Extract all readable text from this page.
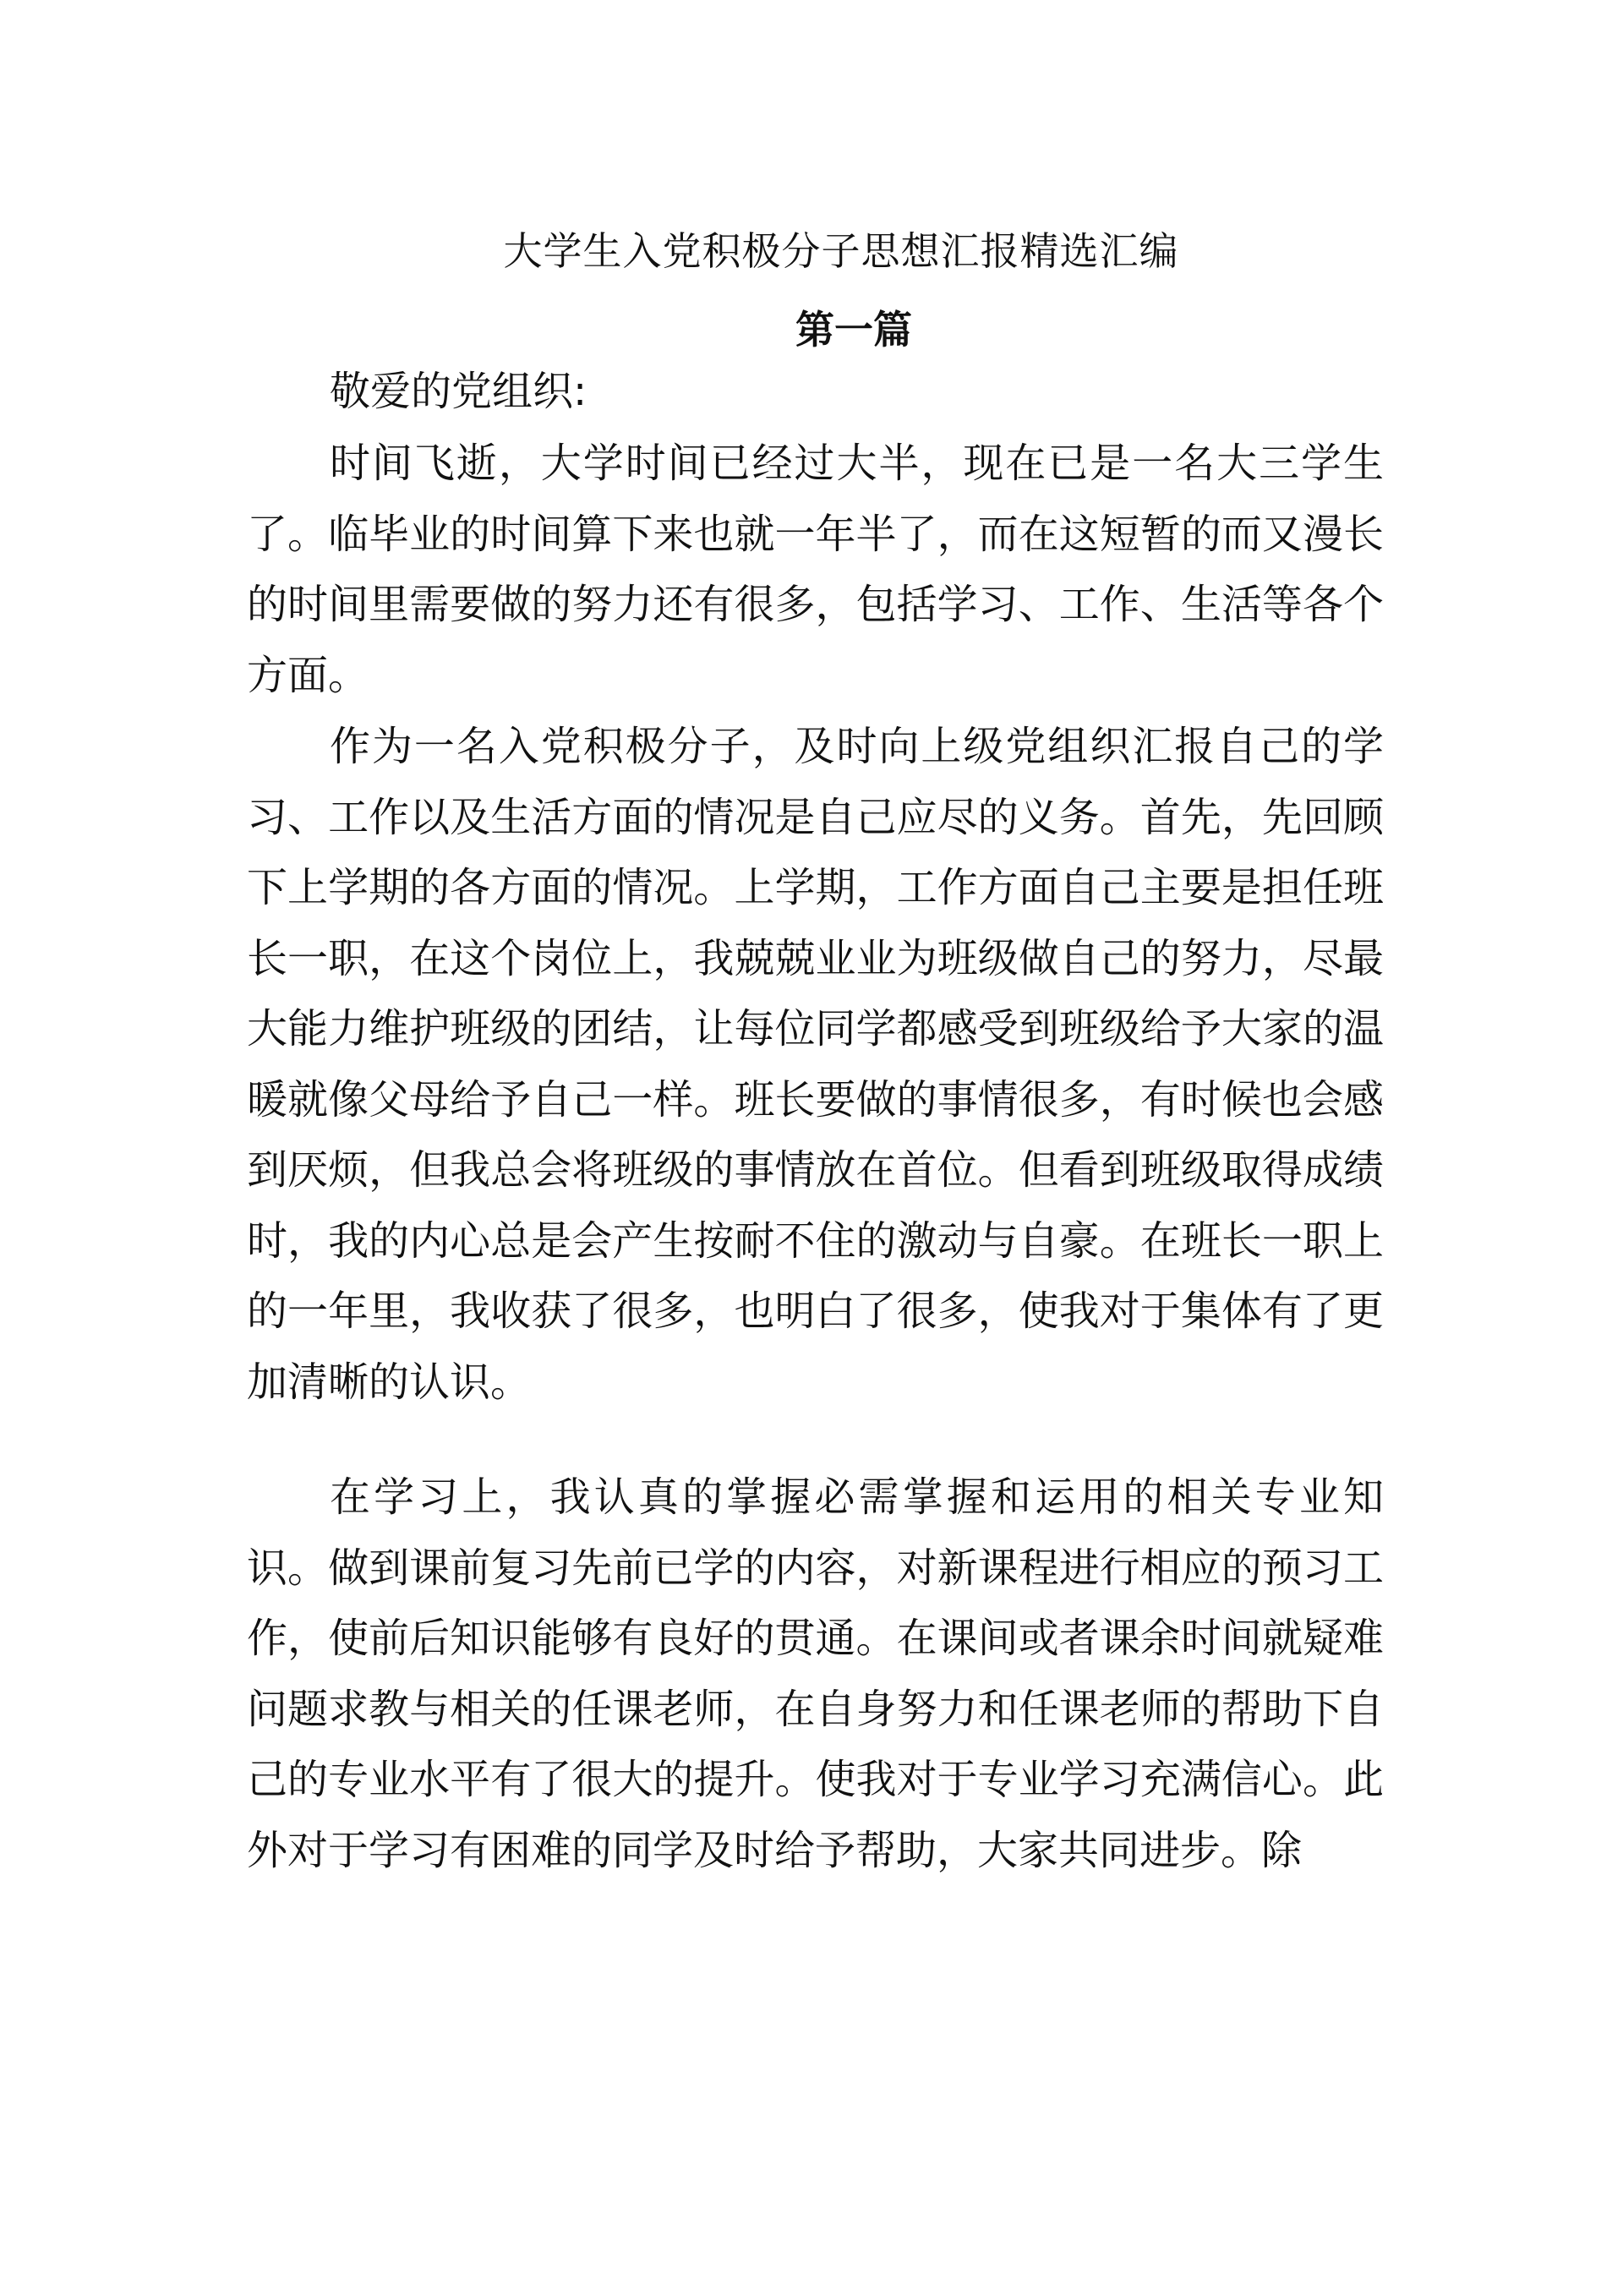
大学生入党积极分子思想汇报精选汇编
第一篇

敬爱的党组织:

时间飞逝，大学时间已经过大半，现在已是一名大三学生了。临毕业的时间算下来也就一年半了，而在这短暂的而又漫长的时间里需要做的努力还有很多，包括学习、工作、生活等各个方面。

作为一名入党积极分子，及时向上级党组织汇报自己的学习、工作以及生活方面的情况是自己应尽的义务。首先，先回顾下上学期的各方面的情况。上学期，工作方面自己主要是担任班长一职，在这个岗位上，我兢兢业业为班级做自己的努力，尽最大能力维护班级的团结，让每位同学都感受到班级给予大家的温暖就像父母给予自己一样。班长要做的事情很多，有时候也会感到厌烦，但我总会将班级的事情放在首位。但看到班级取得成绩时，我的内心总是会产生按耐不住的激动与自豪。在班长一职上的一年里，我收获了很多，也明白了很多，使我对于集体有了更加清晰的认识。

在学习上，我认真的掌握必需掌握和运用的相关专业知识。做到课前复习先前已学的内容，对新课程进行相应的预习工作，使前后知识能够有良好的贯通。在课间或者课余时间就疑难问题求教与相关的任课老师，在自身努力和任课老师的帮助下自己的专业水平有了很大的提升。使我对于专业学习充满信心。此外对于学习有困难的同学及时给予帮助，大家共同进步。除
